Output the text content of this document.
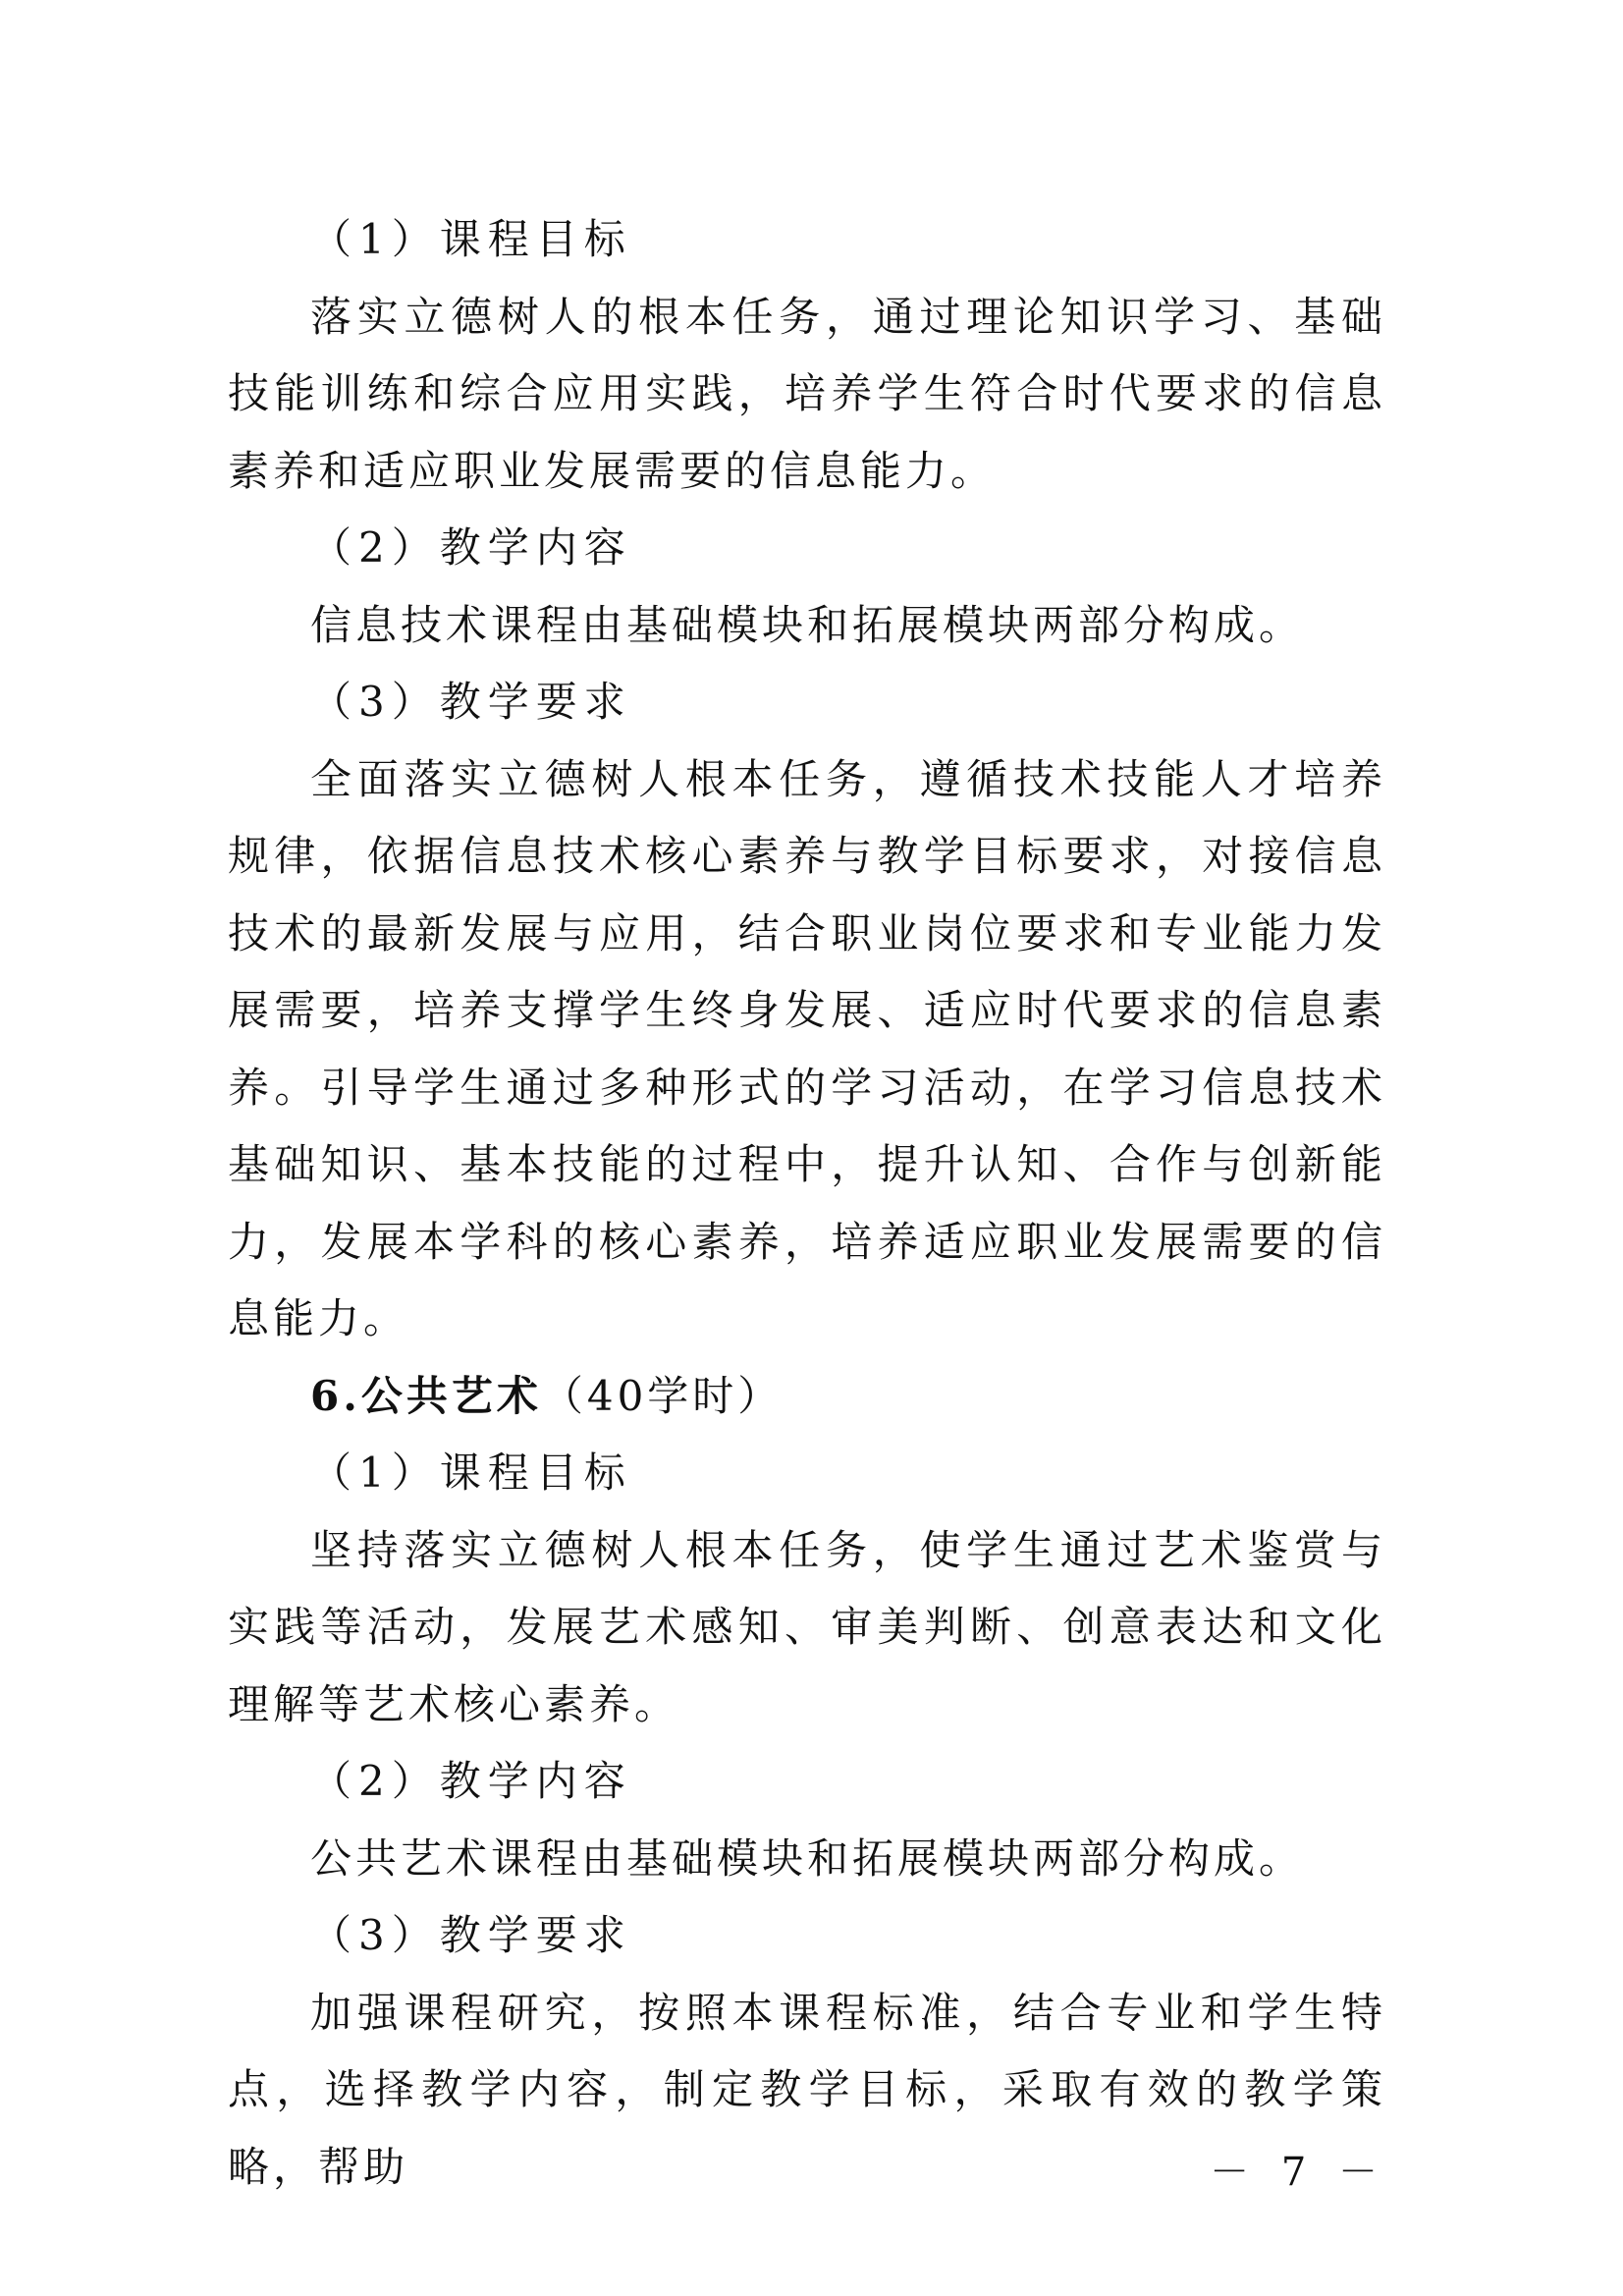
（1）课程目标

落实立德树人的根本任务，通过理论知识学习、基础技能训练和综合应用实践，培养学生符合时代要求的信息素养和适应职业发展需要的信息能力。

（2）教学内容

信息技术课程由基础模块和拓展模块两部分构成。

（3）教学要求

全面落实立德树人根本任务，遵循技术技能人才培养规律，依据信息技术核心素养与教学目标要求，对接信息技术的最新发展与应用，结合职业岗位要求和专业能力发展需要，培养支撑学生终身发展、适应时代要求的信息素养。引导学生通过多种形式的学习活动，在学习信息技术基础知识、基本技能的过程中，提升认知、合作与创新能力，发展本学科的核心素养，培养适应职业发展需要的信息能力。

6.公共艺术（40学时）

（1）课程目标

坚持落实立德树人根本任务，使学生通过艺术鉴赏与实践等活动，发展艺术感知、审美判断、创意表达和文化理解等艺术核心素养。

（2）教学内容

公共艺术课程由基础模块和拓展模块两部分构成。

（3）教学要求

加强课程研究，按照本课程标准，结合专业和学生特点，选择教学内容，制定教学目标，采取有效的教学策略，帮助	－ 7 －
